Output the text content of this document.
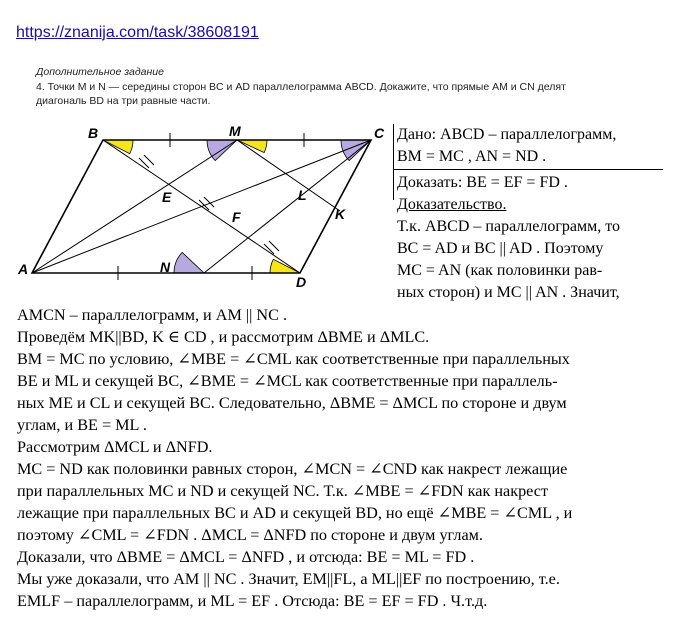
https://znanija.com/task/38608191
Дополнительное задание
4. Точки M и N — середины сторон BC и AD параллелограмма ABCD. Докажите, что прямые AM и CN делят диагональ BD на три равные части.
A
B	C
D
M
N
E
F
L
K
Дано: ABCD – параллелограмм,
BM = MC , AN = ND .
Доказать: BE = EF = FD .
Доказательство.
Т.к. ABCD – параллелограмм, то
BC = AD и BC || AD . Поэтому
MC = AN (как половинки рав-
ных сторон) и MC || AN . Значит,
AMCN – параллелограмм, и AM || NC .
Проведём MK||BD, K ∈ CD , и рассмотрим ΔBME и ΔMLC.
BM = MC по условию, ∠MBE = ∠CML как соответственные при параллельных
BE и ML и секущей BC, ∠BME = ∠MCL как соответственные при параллель-
ных ME и CL и секущей BC. Следовательно, ΔBME = ΔMCL по стороне и двум
углам, и BE = ML .
Рассмотрим ΔMCL и ΔNFD.
MC = ND как половинки равных сторон, ∠MCN = ∠CND как накрест лежащие
при параллельных MC и ND и секущей NC. Т.к. ∠MBE = ∠FDN как накрест
лежащие при параллельных BC и AD и секущей BD, но ещё ∠MBE = ∠CML , и
поэтому ∠CML = ∠FDN . ΔMCL = ΔNFD по стороне и двум углам.
Доказали, что ΔBME = ΔMCL = ΔNFD , и отсюда: BE = ML = FD .
Мы уже доказали, что AM || NC . Значит, EM||FL, а ML||EF по построению, т.е.
EMLF – параллелограмм, и ML = EF . Отсюда: BE = EF = FD . Ч.т.д.
